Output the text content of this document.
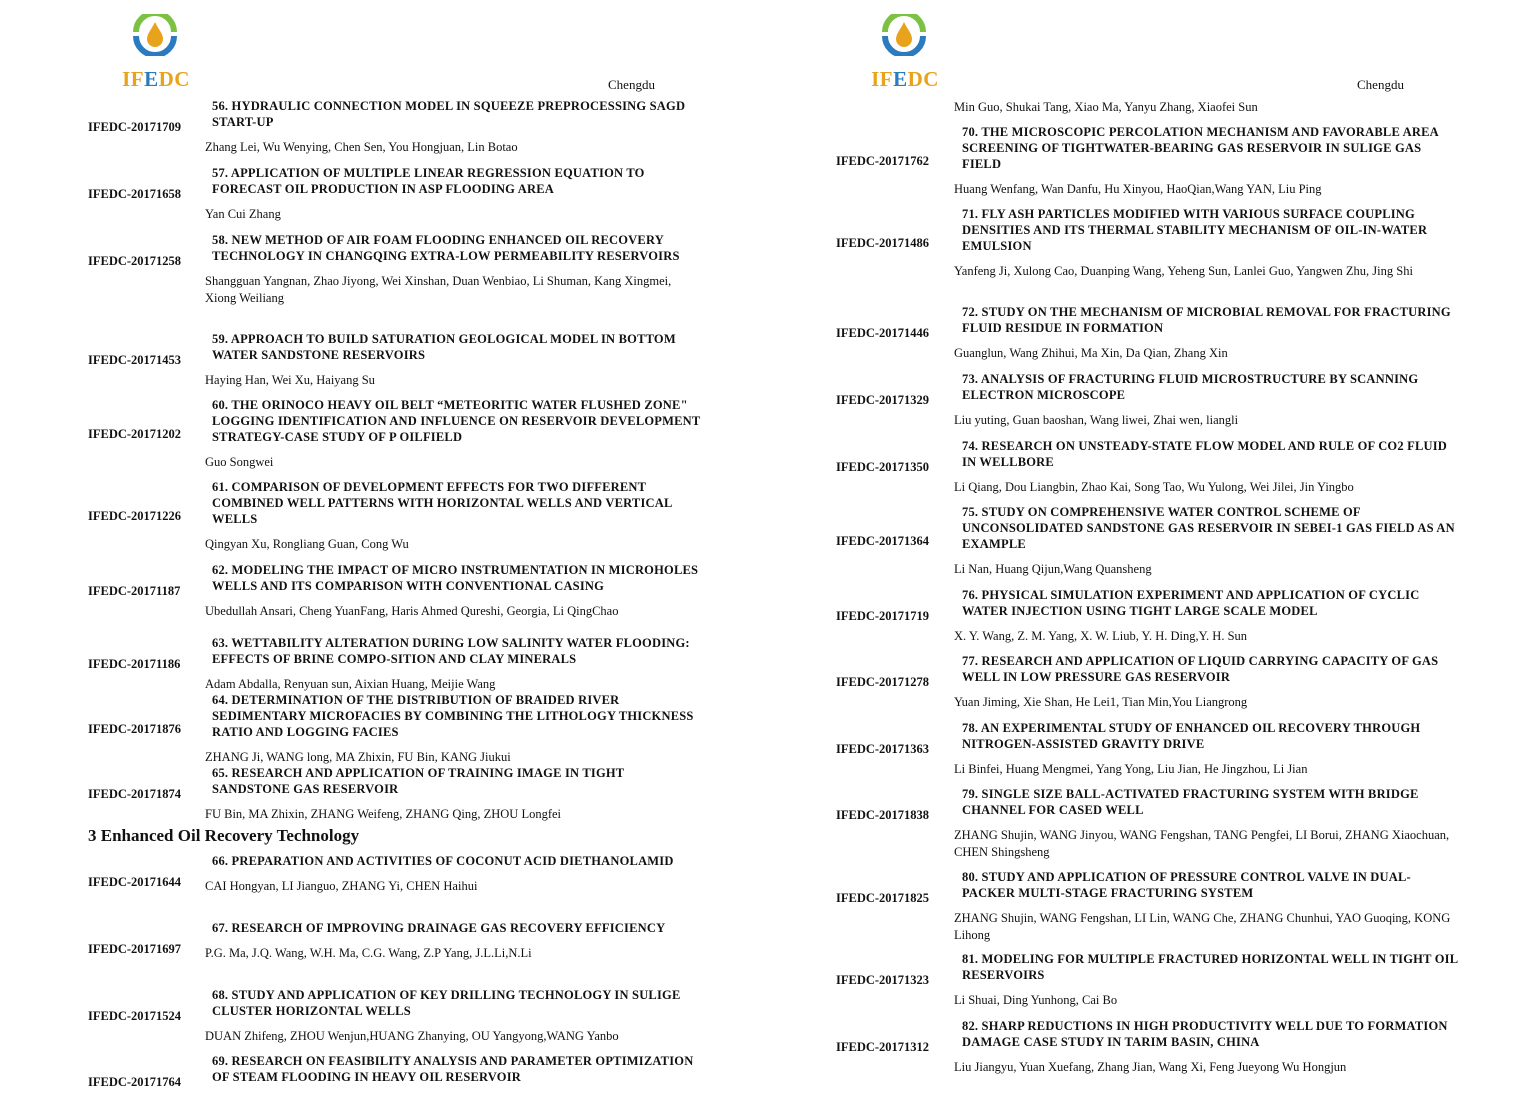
IFEDC	Chengdu
56. HYDRAULIC CONNECTION MODEL IN SQUEEZE PREPROCESSING SAGD START-UP
IFEDC-20171709
Zhang Lei, Wu Wenying, Chen Sen, You Hongjuan, Lin Botao
57. APPLICATION OF MULTIPLE LINEAR REGRESSION EQUATION TO FORECAST OIL PRODUCTION IN ASP FLOODING AREA
IFEDC-20171658
Yan Cui Zhang
58. NEW METHOD OF AIR FOAM FLOODING ENHANCED OIL RECOVERY TECHNOLOGY IN CHANGQING EXTRA-LOW PERMEABILITY RESERVOIRS
IFEDC-20171258
Shangguan Yangnan, Zhao Jiyong, Wei Xinshan, Duan Wenbiao, Li Shuman, Kang Xingmei, Xiong Weiliang
59. APPROACH TO BUILD SATURATION GEOLOGICAL MODEL IN BOTTOM WATER SANDSTONE RESERVOIRS
IFEDC-20171453
Haying Han, Wei Xu, Haiyang Su
60. THE ORINOCO HEAVY OIL BELT “METEORITIC WATER FLUSHED ZONE" LOGGING IDENTIFICATION AND INFLUENCE ON RESERVOIR DEVELOPMENT STRATEGY-CASE STUDY OF P OILFIELD
IFEDC-20171202
Guo Songwei
61. COMPARISON OF DEVELOPMENT EFFECTS FOR TWO DIFFERENT COMBINED WELL PATTERNS WITH HORIZONTAL WELLS AND VERTICAL WELLS
IFEDC-20171226
Qingyan Xu, Rongliang Guan, Cong Wu
62. MODELING THE IMPACT OF MICRO INSTRUMENTATION IN MICROHOLES WELLS AND ITS COMPARISON WITH CONVENTIONAL CASING
IFEDC-20171187
Ubedullah Ansari, Cheng YuanFang, Haris Ahmed Qureshi, Georgia, Li QingChao
63. WETTABILITY ALTERATION DURING LOW SALINITY WATER FLOODING: EFFECTS OF BRINE COMPO-SITION AND CLAY MINERALS
IFEDC-20171186
Adam Abdalla, Renyuan sun, Aixian Huang, Meijie Wang
64. DETERMINATION OF THE DISTRIBUTION OF BRAIDED RIVER SEDIMENTARY MICROFACIES BY COMBINING THE LITHOLOGY THICKNESS RATIO AND LOGGING FACIES
IFEDC-20171876
ZHANG Ji, WANG long, MA Zhixin, FU Bin, KANG Jiukui
65. RESEARCH AND APPLICATION OF TRAINING IMAGE IN TIGHT SANDSTONE GAS RESERVOIR
IFEDC-20171874
FU Bin, MA Zhixin, ZHANG Weifeng, ZHANG Qing, ZHOU Longfei
3 Enhanced Oil Recovery Technology
66. PREPARATION AND ACTIVITIES OF COCONUT ACID DIETHANOLAMID
IFEDC-20171644 CAI Hongyan, LI Jianguo, ZHANG Yi, CHEN Haihui
67. RESEARCH OF IMPROVING DRAINAGE GAS RECOVERY EFFICIENCY
IFEDC-20171697 P.G. Ma, J.Q. Wang, W.H. Ma, C.G. Wang, Z.P Yang, J.L.Li,N.Li
68. STUDY AND APPLICATION OF KEY DRILLING TECHNOLOGY IN SULIGE CLUSTER HORIZONTAL WELLS
IFEDC-20171524
DUAN Zhifeng, ZHOU Wenjun,HUANG Zhanying, OU Yangyong,WANG Yanbo
69. RESEARCH ON FEASIBILITY ANALYSIS AND PARAMETER OPTIMIZATION OF STEAM FLOODING IN HEAVY OIL RESERVOIR
IFEDC-20171764
IFEDC	Chengdu
Min Guo, Shukai Tang, Xiao Ma, Yanyu Zhang, Xiaofei Sun
70. THE MICROSCOPIC PERCOLATION MECHANISM AND FAVORABLE AREA SCREENING OF TIGHTWATER-BEARING GAS RESERVOIR IN SULIGE GAS FIELD
IFEDC-20171762
Huang Wenfang, Wan Danfu, Hu Xinyou, HaoQian,Wang YAN, Liu Ping
71. FLY ASH PARTICLES MODIFIED WITH VARIOUS SURFACE COUPLING DENSITIES AND ITS THERMAL STABILITY MECHANISM OF OIL-IN-WATER EMULSION
IFEDC-20171486
Yanfeng Ji, Xulong Cao, Duanping Wang, Yeheng Sun, Lanlei Guo, Yangwen Zhu, Jing Shi
72. STUDY ON THE MECHANISM OF MICROBIAL REMOVAL FOR FRACTURING FLUID RESIDUE IN FORMATION
IFEDC-20171446
Guanglun, Wang Zhihui, Ma Xin, Da Qian, Zhang Xin
73. ANALYSIS OF FRACTURING FLUID MICROSTRUCTURE BY SCANNING ELECTRON MICROSCOPE
IFEDC-20171329
Liu yuting, Guan baoshan, Wang liwei, Zhai wen, liangli
74. RESEARCH ON UNSTEADY-STATE FLOW MODEL AND RULE OF CO2 FLUID IN WELLBORE
IFEDC-20171350
Li Qiang, Dou Liangbin, Zhao Kai, Song Tao, Wu Yulong, Wei Jilei, Jin Yingbo
75. STUDY ON COMPREHENSIVE WATER CONTROL SCHEME OF UNCONSOLIDATED SANDSTONE GAS RESERVOIR IN SEBEI-1 GAS FIELD AS AN EXAMPLE
IFEDC-20171364
Li Nan, Huang Qijun,Wang Quansheng
76. PHYSICAL SIMULATION EXPERIMENT AND APPLICATION OF CYCLIC WATER INJECTION USING TIGHT LARGE SCALE MODEL
IFEDC-20171719
X. Y. Wang, Z. M. Yang, X. W. Liub, Y. H. Ding,Y. H. Sun
77. RESEARCH AND APPLICATION OF LIQUID CARRYING CAPACITY OF GAS WELL IN LOW PRESSURE GAS RESERVOIR
IFEDC-20171278
Yuan Jiming, Xie Shan, He Lei1, Tian Min,You Liangrong
78. AN EXPERIMENTAL STUDY OF ENHANCED OIL RECOVERY THROUGH NITROGEN-ASSISTED GRAVITY DRIVE
IFEDC-20171363
Li Binfei, Huang Mengmei, Yang Yong, Liu Jian, He Jingzhou, Li Jian
79. SINGLE SIZE BALL-ACTIVATED FRACTURING SYSTEM WITH BRIDGE CHANNEL FOR CASED WELL
IFEDC-20171838
ZHANG Shujin, WANG Jinyou, WANG Fengshan, TANG Pengfei, LI Borui, ZHANG Xiaochuan, CHEN Shingsheng
80. STUDY AND APPLICATION OF PRESSURE CONTROL VALVE IN DUAL-PACKER MULTI-STAGE FRACTURING SYSTEM
IFEDC-20171825
ZHANG Shujin, WANG Fengshan, LI Lin, WANG Che, ZHANG Chunhui, YAO Guoqing, KONG Lihong
81. MODELING FOR MULTIPLE FRACTURED HORIZONTAL WELL IN TIGHT OIL RESERVOIRS
IFEDC-20171323
Li Shuai, Ding Yunhong, Cai Bo
82. SHARP REDUCTIONS IN HIGH PRODUCTIVITY WELL DUE TO FORMATION DAMAGE CASE STUDY IN TARIM BASIN, CHINA
IFEDC-20171312
Liu Jiangyu, Yuan Xuefang, Zhang Jian, Wang Xi, Feng Jueyong Wu Hongjun
